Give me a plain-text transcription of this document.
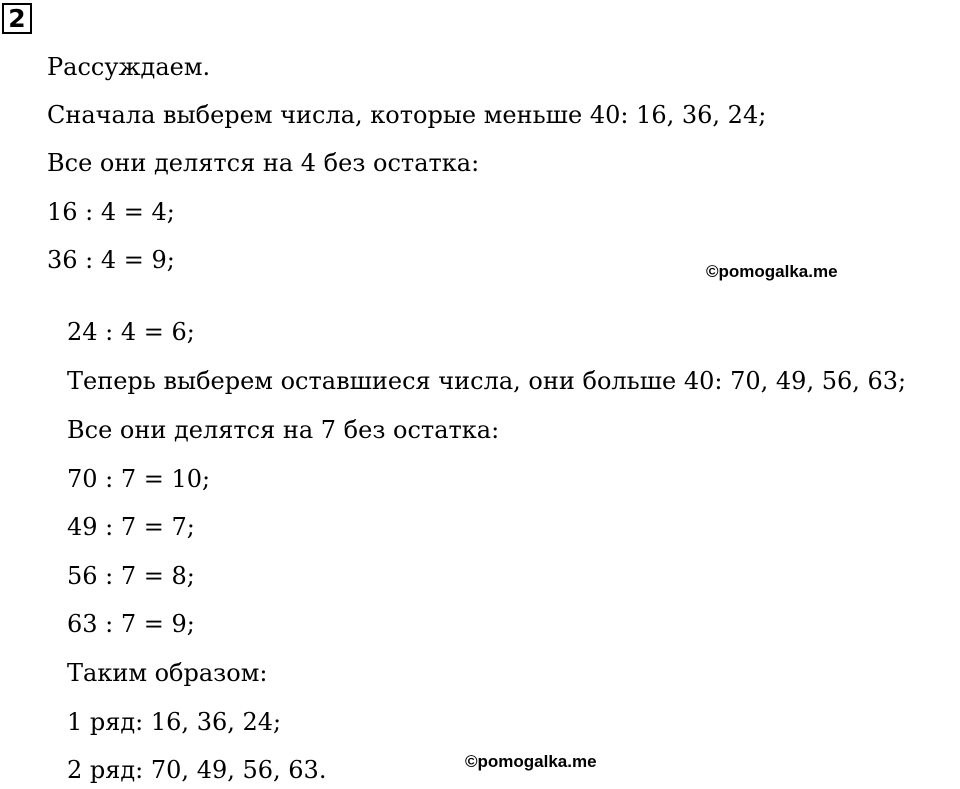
2
Рассуждаем.
Сначала выберем числа, которые меньше 40: 16, 36, 24;
Все они делятся на 4 без остатка:
16 : 4 = 4;
36 : 4 = 9;	©pomogalka.me
24 : 4 = 6;
Теперь выберем оставшиеся числа, они больше 40: 70, 49, 56, 63;
Все они делятся на 7 без остатка:
70 : 7 = 10;
49 : 7 = 7;
56 : 7 = 8;
63 : 7 = 9;
Таким образом:
1 ряд: 16, 36, 24;
2 ряд: 70, 49, 56, 63.	©pomogalka.me
